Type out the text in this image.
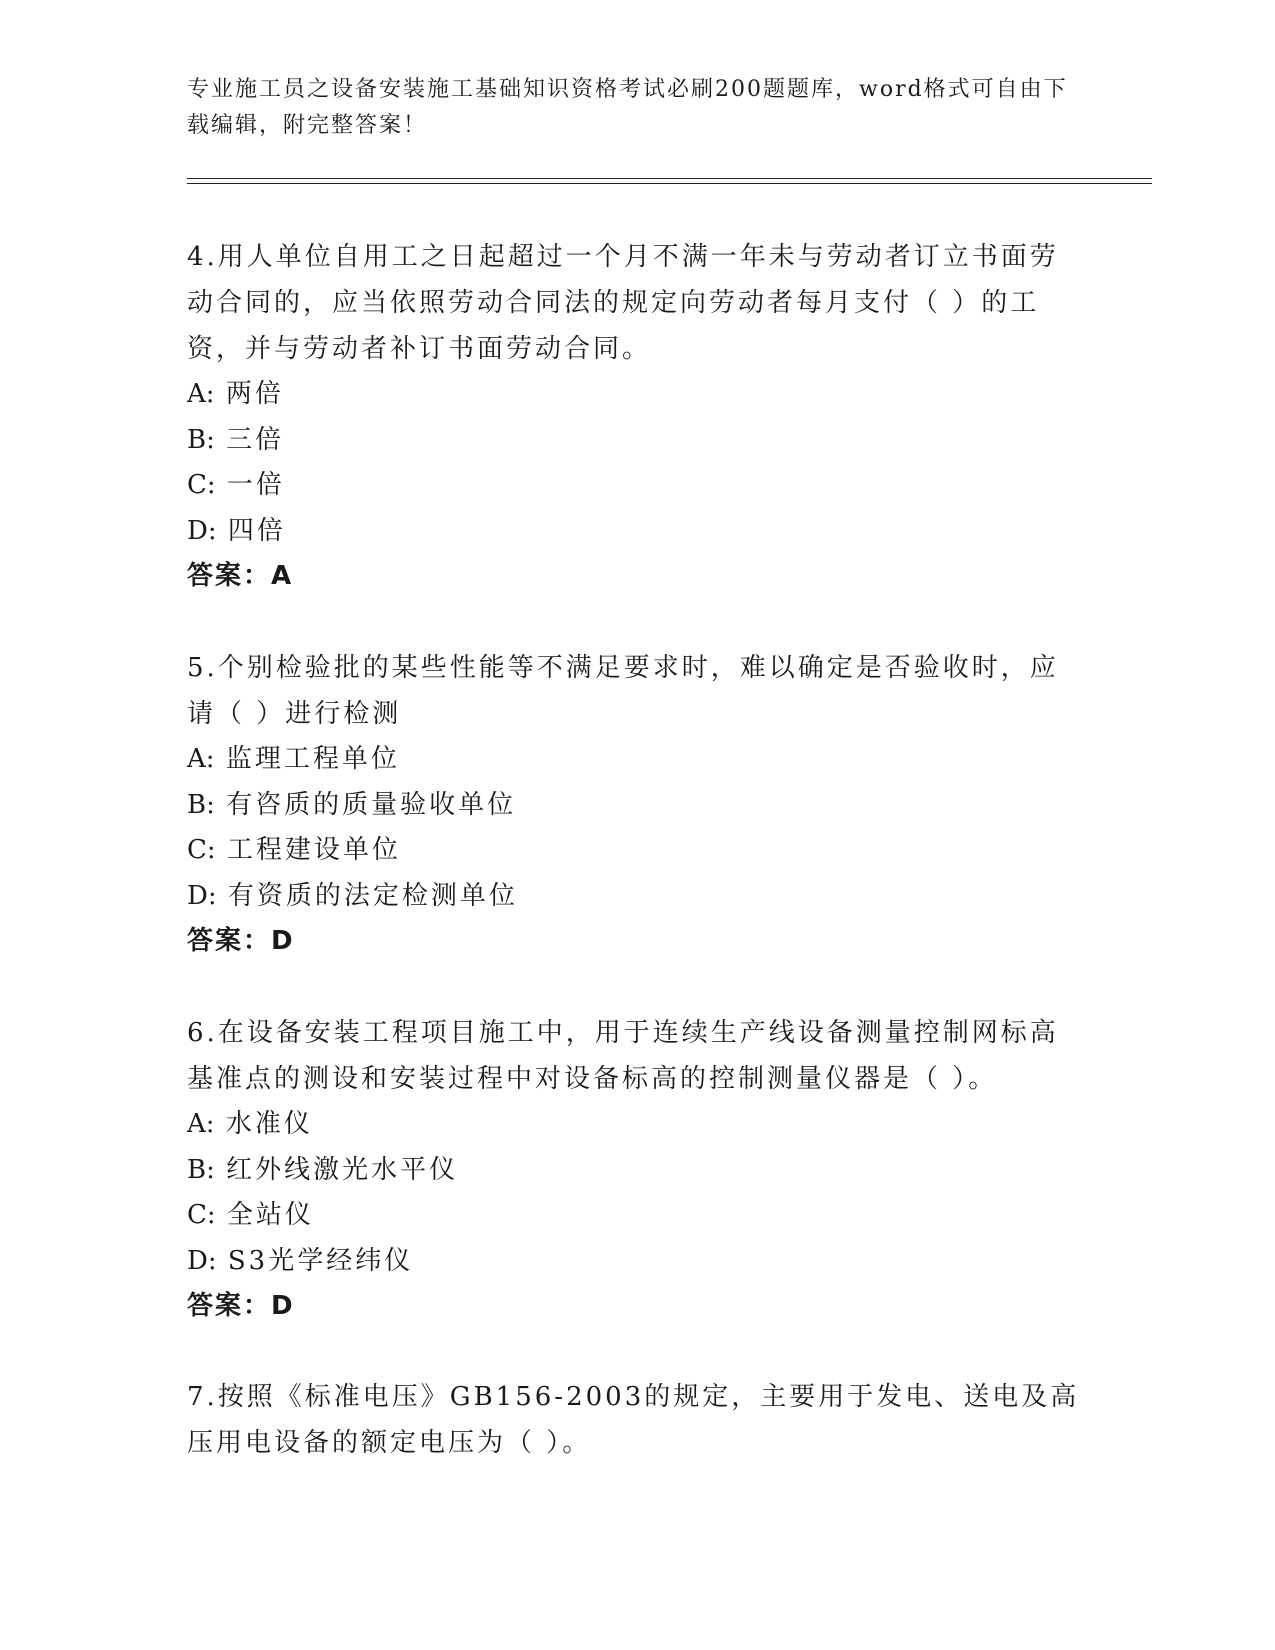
专业施工员之设备安装施工基础知识资格考试必刷200题题库，word格式可自由下载编辑，附完整答案！

4.用人单位自用工之日起超过一个月不满一年未与劳动者订立书面劳动合同的，应当依照劳动合同法的规定向劳动者每月支付（ ）的工资，并与劳动者补订书面劳动合同。

A: 两倍

B: 三倍

C: 一倍

D: 四倍

答案：A

5.个别检验批的某些性能等不满足要求时，难以确定是否验收时，应请（ ）进行检测

A: 监理工程单位

B: 有咨质的质量验收单位

C: 工程建设单位

D: 有资质的法定检测单位

答案：D

6.在设备安装工程项目施工中，用于连续生产线设备测量控制网标高基准点的测设和安装过程中对设备标高的控制测量仪器是（ ）。

A: 水准仪

B: 红外线激光水平仪

C: 全站仪

D: S3光学经纬仪

答案：D

7.按照《标准电压》GB156-2003的规定，主要用于发电、送电及高压用电设备的额定电压为（ ）。
